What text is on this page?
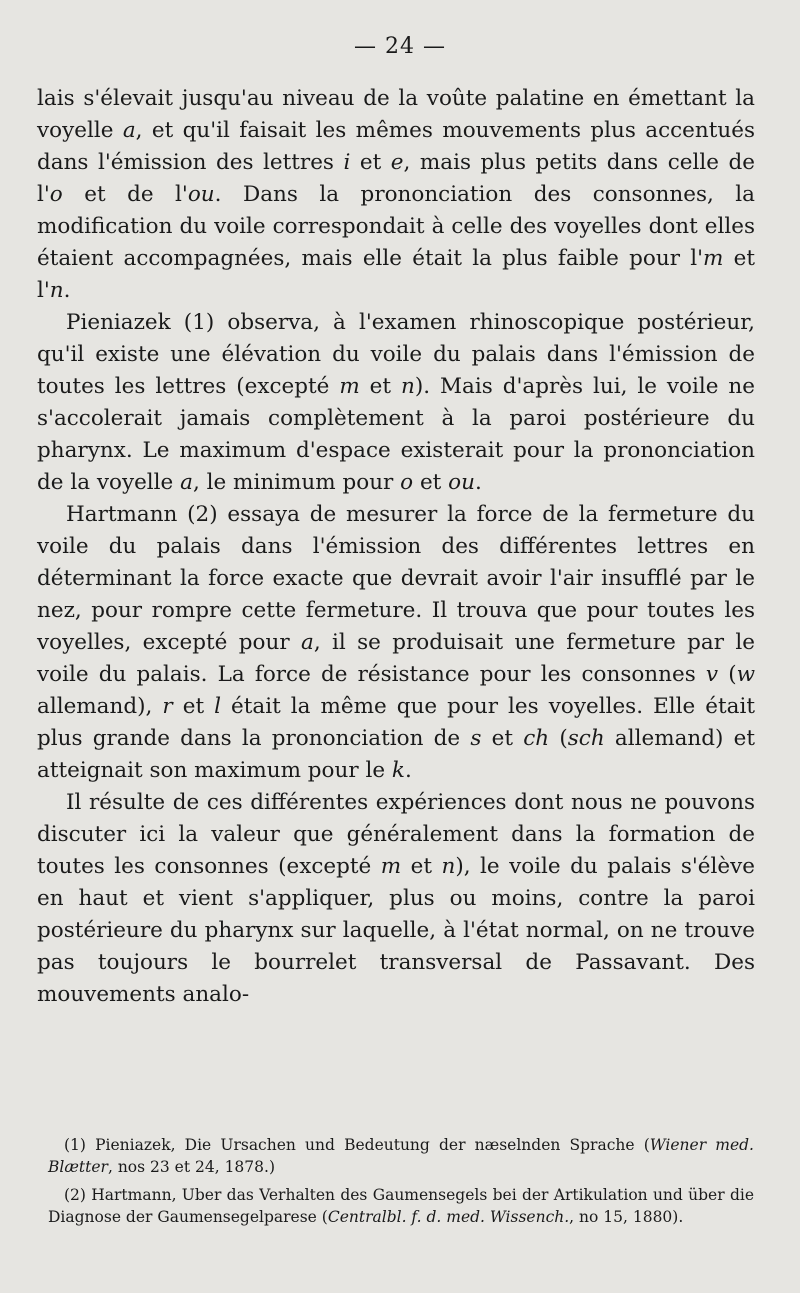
— 24 —

lais s'élevait jusqu'au niveau de la voûte palatine en émettant la voyelle a, et qu'il faisait les mêmes mouvements plus accentués dans l'émission des lettres i et e, mais plus petits dans celle de l'o et de l'ou. Dans la prononciation des consonnes, la modification du voile correspondait à celle des voyelles dont elles étaient accompagnées, mais elle était la plus faible pour l'm et l'n.

Pieniazek (1) observa, à l'examen rhinoscopique postérieur, qu'il existe une élévation du voile du palais dans l'émission de toutes les lettres (excepté m et n). Mais d'après lui, le voile ne s'accolerait jamais complètement à la paroi postérieure du pharynx. Le maximum d'espace existerait pour la prononciation de la voyelle a, le minimum pour o et ou.

Hartmann (2) essaya de mesurer la force de la fermeture du voile du palais dans l'émission des différentes lettres en déterminant la force exacte que devrait avoir l'air insufflé par le nez, pour rompre cette fermeture. Il trouva que pour toutes les voyelles, excepté pour a, il se produisait une fermeture par le voile du palais. La force de résistance pour les consonnes v (w allemand), r et l était la même que pour les voyelles. Elle était plus grande dans la prononciation de s et ch (sch allemand) et atteignait son maximum pour le k.

Il résulte de ces différentes expériences dont nous ne pouvons discuter ici la valeur que généralement dans la formation de toutes les consonnes (excepté m et n), le voile du palais s'élève en haut et vient s'appliquer, plus ou moins, contre la paroi postérieure du pharynx sur laquelle, à l'état normal, on ne trouve pas toujours le bourrelet transversal de Passavant. Des mouvements analo-

(1) Pieniazek, Die Ursachen und Bedeutung der næselnden Sprache (Wiener med. Blætter, nos 23 et 24, 1878.)

(2) Hartmann, Uber das Verhalten des Gaumensegels bei der Artikulation und über die Diagnose der Gaumensegelparese (Centralbl. f. d. med. Wissench., no 15, 1880).
